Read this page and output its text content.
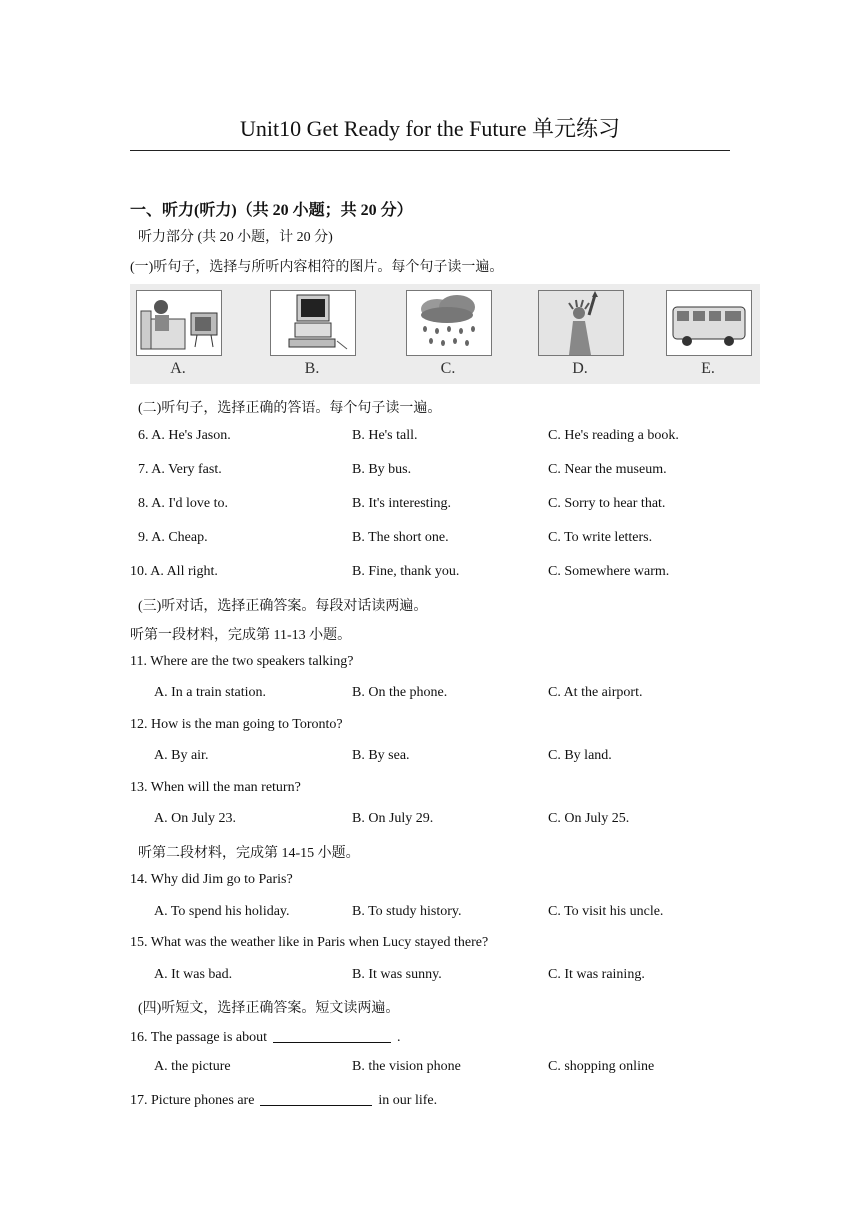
Unit10 Get Ready for the Future 单元练习
一、听力(听力)（共 20 小题；共 20 分）
听力部分 (共 20 小题，计 20 分)
(一)听句子，选择与所听内容相符的图片。每个句子读一遍。
A.	B.	C.	D.	E.
(二)听句子，选择正确的答语。每个句子读一遍。
6. A. He's Jason.	B. He's tall.	C. He's reading a book.
7. A. Very fast.	B. By bus.	C. Near the museum.
8. A. I'd love to.	B. It's interesting.	C. Sorry to hear that.
9. A. Cheap.	B. The short one.	C. To write letters.
10. A. All right.	B. Fine, thank you.	C. Somewhere warm.
(三)听对话，选择正确答案。每段对话读两遍。
听第一段材料，完成第 11-13 小题。
11. Where are the two speakers talking?
A. In a train station.	B. On the phone.	C. At the airport.
12. How is the man going to Toronto?
A. By air.	B. By sea.	C. By land.
13. When will the man return?
A. On July 23.	B. On July 29.	C. On July 25.
听第二段材料，完成第 14-15 小题。
14. Why did Jim go to Paris?
A. To spend his holiday.	B. To study history.	C. To visit his uncle.
15. What was the weather like in Paris when Lucy stayed there?
A. It was bad.	B. It was sunny.	C. It was raining.
(四)听短文，选择正确答案。短文读两遍。
16. The passage is about	.
A. the picture	B. the vision phone	C. shopping online
17. Picture phones are	in our life.
